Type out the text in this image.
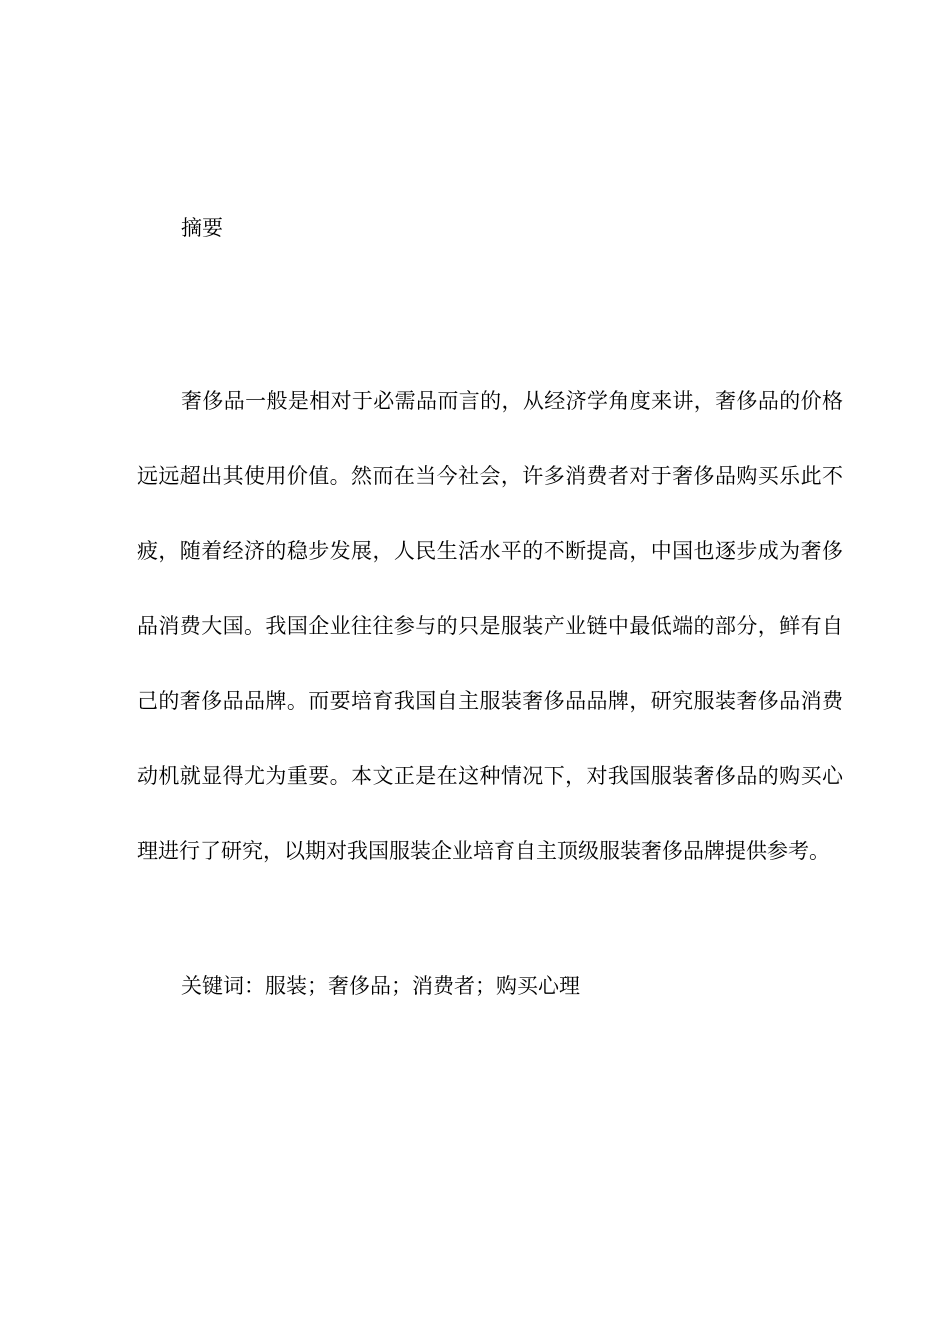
摘要

奢侈品一般是相对于必需品而言的，从经济学角度来讲，奢侈品的价格远远超出其使用价值。然而在当今社会，许多消费者对于奢侈品购买乐此不疲，随着经济的稳步发展，人民生活水平的不断提高，中国也逐步成为奢侈品消费大国。我国企业往往参与的只是服装产业链中最低端的部分，鲜有自己的奢侈品品牌。而要培育我国自主服装奢侈品品牌，研究服装奢侈品消费动机就显得尤为重要。本文正是在这种情况下，对我国服装奢侈品的购买心理进行了研究，以期对我国服装企业培育自主顶级服装奢侈品牌提供参考。

关键词：服装；奢侈品；消费者；购买心理
